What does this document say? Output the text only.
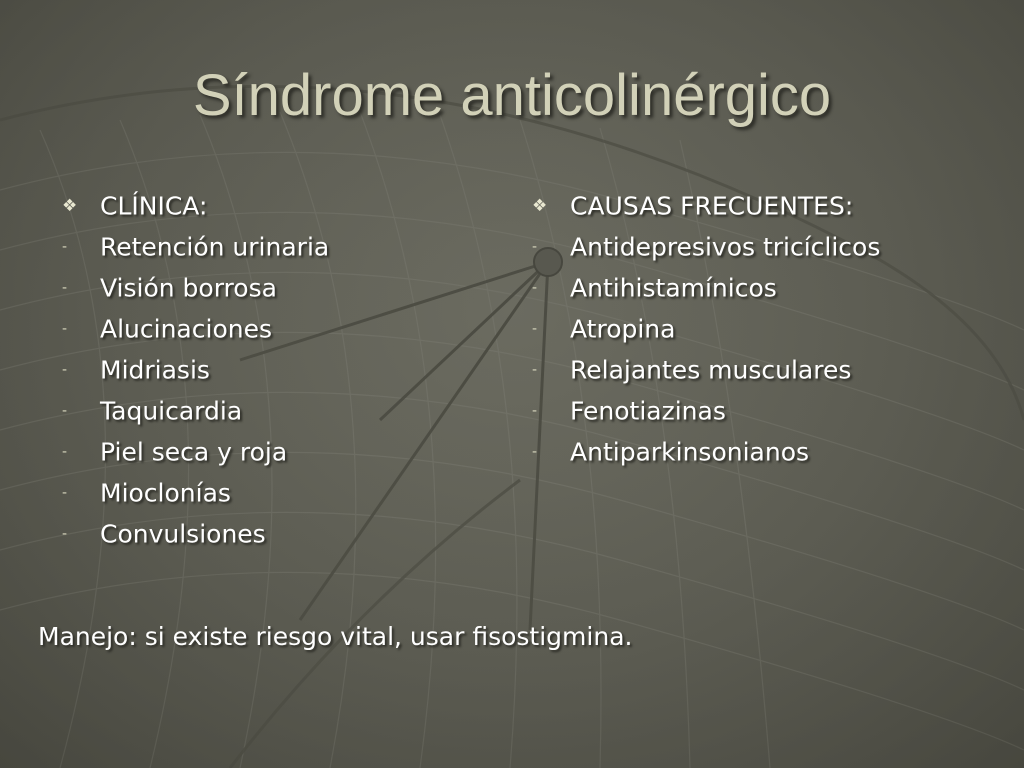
Síndrome anticolinérgico
❖ CLÍNICA:
- Retención urinaria
- Visión borrosa
- Alucinaciones
- Midriasis
- Taquicardia
- Piel seca y roja
- Mioclonías
- Convulsiones
❖ CAUSAS FRECUENTES:
- Antidepresivos tricíclicos
- Antihistamínicos
- Atropina
- Relajantes musculares
- Fenotiazinas
- Antiparkinsonianos
Manejo: si existe riesgo vital, usar fisostigmina.
